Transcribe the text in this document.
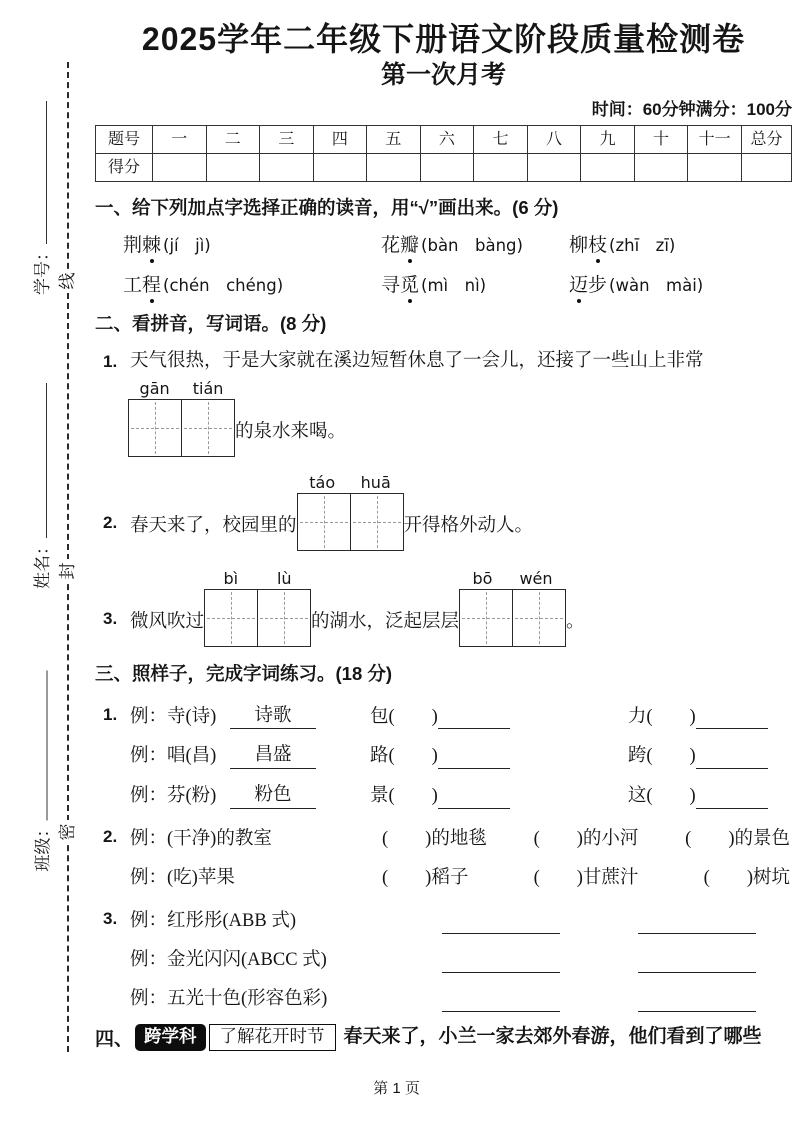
学号：
姓名：
班级：
线
封
密
2025学年二年级下册语文阶段质量检测卷
第一次月考
时间：60分钟满分：100分
题号	一	二	三	四	五	六	七	八	九	十	十一	总分
得分												
一、给下列加点字选择正确的读音，用“√”画出来。(6 分)
荆棘 (jí　jì)	花瓣 (bàn　bàng)	柳枝 (zhī　zī)
工程 (chén　chéng)	寻觅 (mì　nì)	迈步 (wàn　mài)
二、看拼音，写词语。(8 分)
1. 天气很热，于是大家就在溪边短暂休息了一会儿，还接了一些山上非常
gān tián
的泉水来喝。
2. 春天来了，校园里的
táo huā
开得格外动人。
3. 微风吹过
bì lù
的湖水，泛起层层
bō wén
。
三、照样子，完成字词练习。(18 分)
1. 例：寺(诗)	诗歌	包(　　)	力(　　)
例：唱(昌)	昌盛	路(　　)	跨(　　)
例：芬(粉)	粉色	景(　　)	这(　　)
2. 例：(干净)的教室	(　　)的地毯	(　　)的小河	(　　)的景色
例：(吃)苹果	(　　)稻子	(　　)甘蔗汁	(　　)树坑
3. 例：红彤彤(ABB 式)
例：金光闪闪(ABCC 式)
例：五光十色(形容色彩)
四、 跨学科	了解花开时节	春天来了，小兰一家去郊外春游，他们看到了哪些
第 1 页
